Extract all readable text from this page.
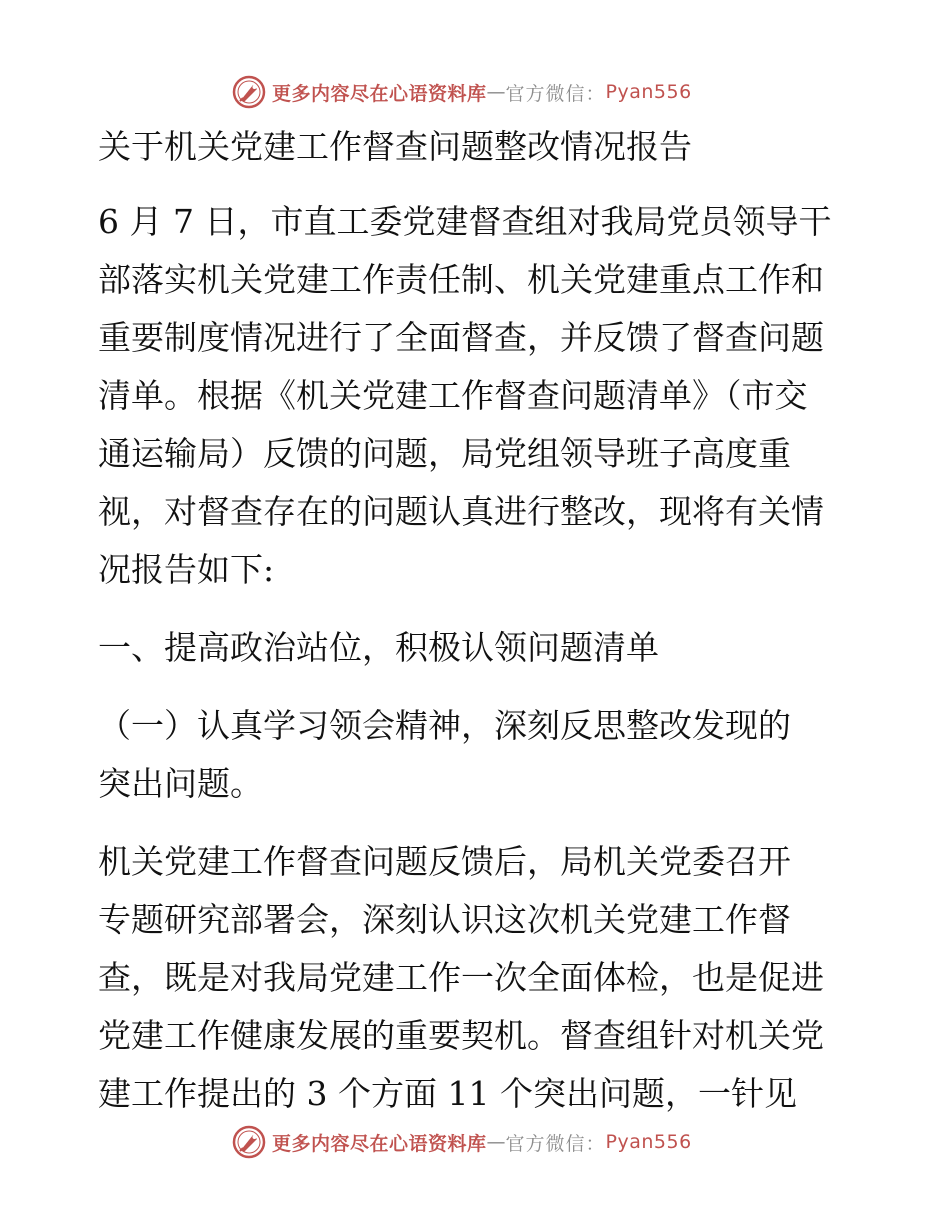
更多内容尽在心语资料库 — 官方微信： Pyan556
关于机关党建工作督查问题整改情况报告
6 月 7 日，市直工委党建督查组对我局党员领导干
部落实机关党建工作责任制、机关党建重点工作和
重要制度情况进行了全面督查，并反馈了督查问题
清单。根据《机关党建工作督查问题清单》（市交
通运输局）反馈的问题，局党组领导班子高度重
视，对督查存在的问题认真进行整改，现将有关情
况报告如下:
一、提高政治站位，积极认领问题清单
（一）认真学习领会精神，深刻反思整改发现的
突出问题。
机关党建工作督查问题反馈后，局机关党委召开
专题研究部署会，深刻认识这次机关党建工作督
查，既是对我局党建工作一次全面体检，也是促进
党建工作健康发展的重要契机。督查组针对机关党
建工作提出的 3 个方面 11 个突出问题，一针见
更多内容尽在心语资料库 — 官方微信： Pyan556
